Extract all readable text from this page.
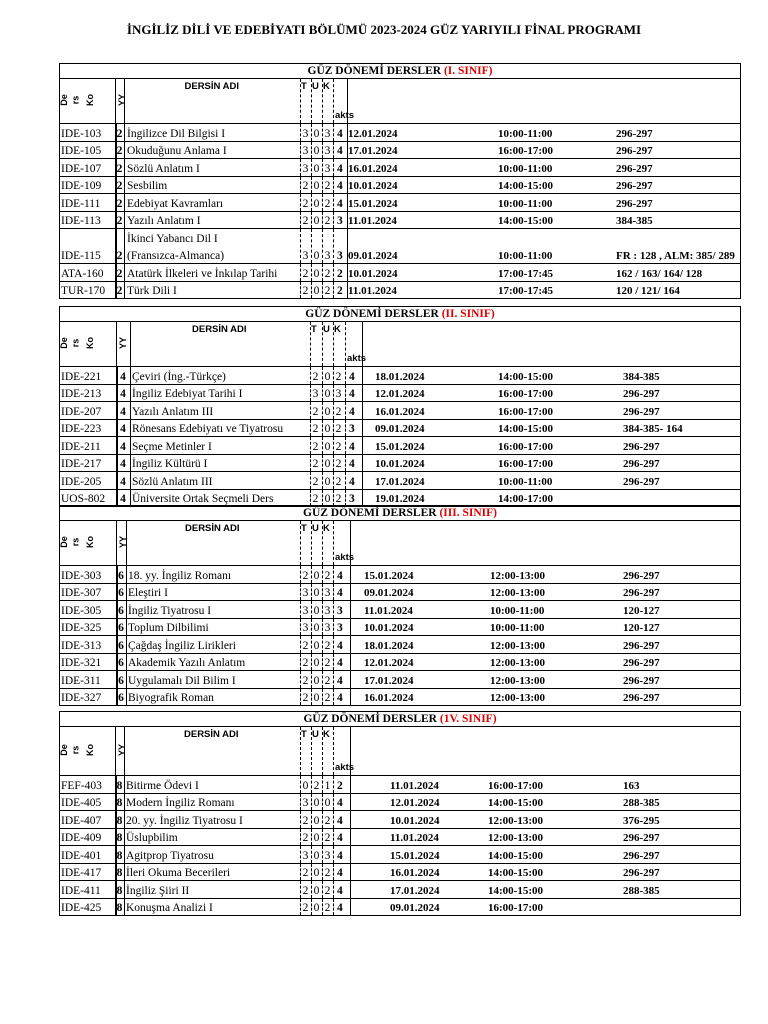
İNGİLİZ DİLİ VE EDEBİYATI BÖLÜMÜ 2023-2024 GÜZ YARIYILI FİNAL PROGRAMI
GÜZ DÖNEMİ DERSLER (I. SINIF)
De rs Ko YY
DERSİN ADI	T U K
akts
IDE-103 2 İngilizce Dil Bilgisi I	3 0 3 4 12.01.2024	10:00-11:00	296-297
IDE-105 2 Okuduğunu Anlama I	3 0 3 4 17.01.2024	16:00-17:00	296-297
IDE-107 2 Sözlü Anlatım I	3 0 3 4 16.01.2024	10:00-11:00	296-297
IDE-109 2 Sesbilim	2 0 2 4 10.01.2024	14:00-15:00	296-297
IDE-111 2 Edebiyat Kavramları	2 0 2 4 15.01.2024	10:00-11:00	296-297
IDE-113 2 Yazılı Anlatım I	2 0 2 3 11.01.2024	14:00-15:00	384-385
IDE-115 2
İkinci Yabancı Dil I
(Fransızca-Almanca)	3 0 3 3 09.01.2024	10:00-11:00	FR : 128 , ALM: 385/ 289
ATA-160 2 Atatürk İlkeleri ve İnkılap Tarihi 2 0 2 2 10.01.2024	17:00-17:45	162 / 163/ 164/ 128
TUR-170 2 Türk Dili I	2 0 2 2 11.01.2024	17:00-17:45	120 / 121/ 164
GÜZ DÖNEMİ DERSLER (II. SINIF)
De rs Ko	YY
DERSİN ADI	T U K
akts
IDE-221	4 Çeviri (İng.-Türkçe)	2 0 2 4 18.01.2024	14:00-15:00	384-385
IDE-213	4 İngiliz Edebiyat Tarihi I	3 0 3 4 12.01.2024	16:00-17:00	296-297
IDE-207	4 Yazılı Anlatım III	2 0 2 4 16.01.2024	16:00-17:00	296-297
IDE-223	4 Rönesans Edebiyatı ve Tiyatrosu	2 0 2 3 09.01.2024	14:00-15:00	384-385- 164
IDE-211	4 Seçme Metinler I	2 0 2 4 15.01.2024	16:00-17:00	296-297
IDE-217	4 İngiliz Kültürü I	2 0 2 4 10.01.2024	16:00-17:00	296-297
IDE-205	4 Sözlü Anlatım III	2 0 2 4 17.01.2024	10:00-11:00	296-297
UOS-802	4 Üniversite Ortak Seçmeli Ders	2 0 2 3 19.01.2024	14:00-17:00
GÜZ DÖNEMİ DERSLER (III. SINIF)
De rs Ko	YY
DERSİN ADI	T U K
akts
IDE-303 6 18. yy. İngiliz Romanı	2 0 2 4 15.01.2024	12:00-13:00	296-297
IDE-307 6 Eleştiri I	3 0 3 4 09.01.2024	12:00-13:00	296-297
IDE-305 6 İngiliz Tiyatrosu I	3 0 3 3 11.01.2024	10:00-11:00	120-127
IDE-325 6 Toplum Dilbilimi	3 0 3 3 10.01.2024	10:00-11:00	120-127
IDE-313 6 Çağdaş İngiliz Lirikleri	2 0 2 4 18.01.2024	12:00-13:00	296-297
IDE-321 6 Akademik Yazılı Anlatım	2 0 2 4 12.01.2024	12:00-13:00	296-297
IDE-311 6 Uygulamalı Dil Bilim I	2 0 2 4 17.01.2024	12:00-13:00	296-297
IDE-327 6 Biyografik Roman	2 0 2 4 16.01.2024	12:00-13:00	296-297
GÜZ DÖNEMİ DERSLER (1V. SINIF)
De rs Ko YY
DERSİN ADI	T U K
akts
FEF-403 8 Bitirme Ödevi I	0 2 1 2	11.01.2024	16:00-17:00	163
IDE-405 8 Modern İngiliz Romanı	3 0 0 4	12.01.2024	14:00-15:00	288-385
IDE-407 8 20. yy. İngiliz Tiyatrosu I	2 0 2 4	10.01.2024	12:00-13:00	376-295
IDE-409 8 Üslupbilim	2 0 2 4	11.01.2024	12:00-13:00	296-297
IDE-401 8 Agitprop Tiyatrosu	3 0 3 4	15.01.2024	14:00-15:00	296-297
IDE-417 8 İleri Okuma Becerileri	2 0 2 4	16.01.2024	14:00-15:00	296-297
IDE-411 8 İngiliz Şiiri II	2 0 2 4	17.01.2024	14:00-15:00	288-385
IDE-425 8 Konuşma Analizi I	2 0 2 4	09.01.2024	16:00-17:00
